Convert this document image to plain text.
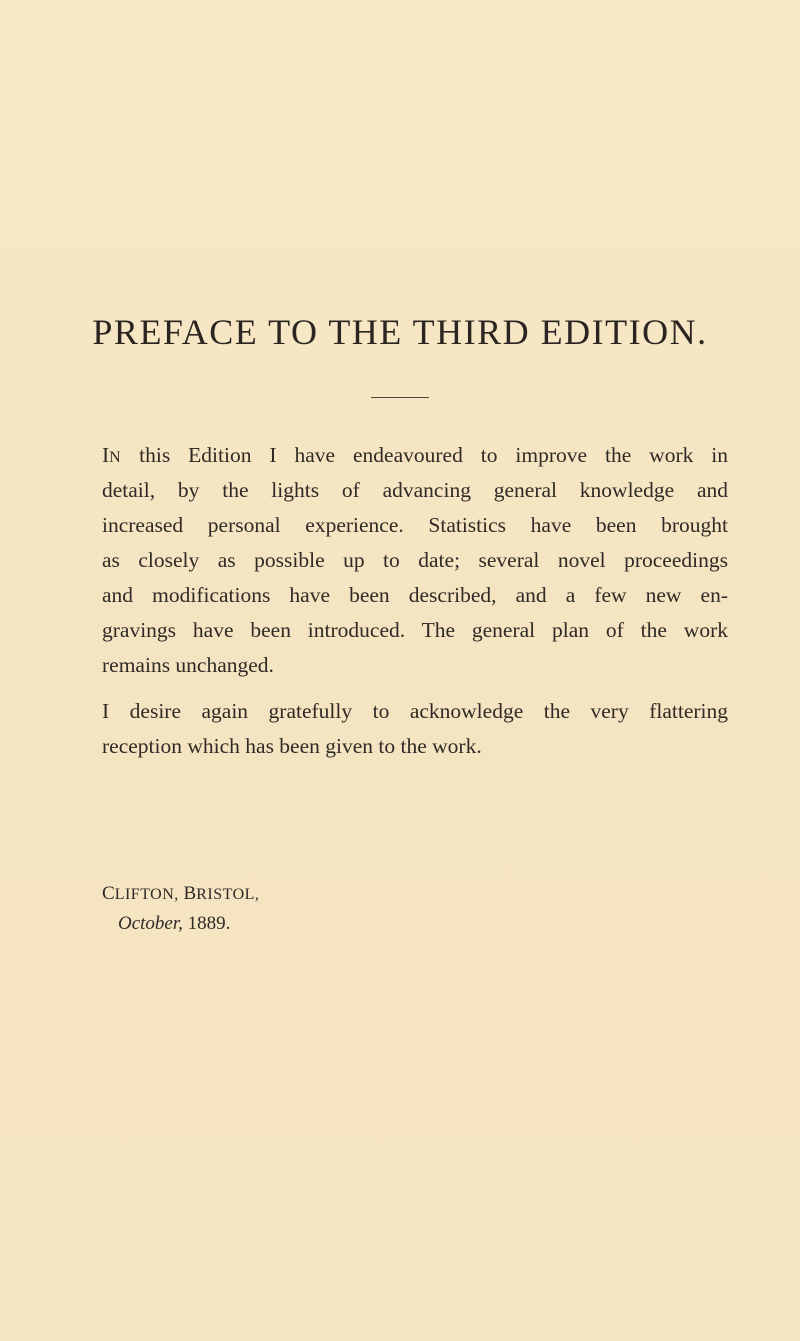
PREFACE TO THE THIRD EDITION.
IN this Edition I have endeavoured to improve the work in
detail, by the lights of advancing general knowledge and
increased personal experience. Statistics have been brought
as closely as possible up to date; several novel proceedings
and modifications have been described, and a few new en-
gravings have been introduced. The general plan of the work
remains unchanged.
I desire again gratefully to acknowledge the very flattering
reception which has been given to the work.
CLIFTON, BRISTOL,
October, 1889.
